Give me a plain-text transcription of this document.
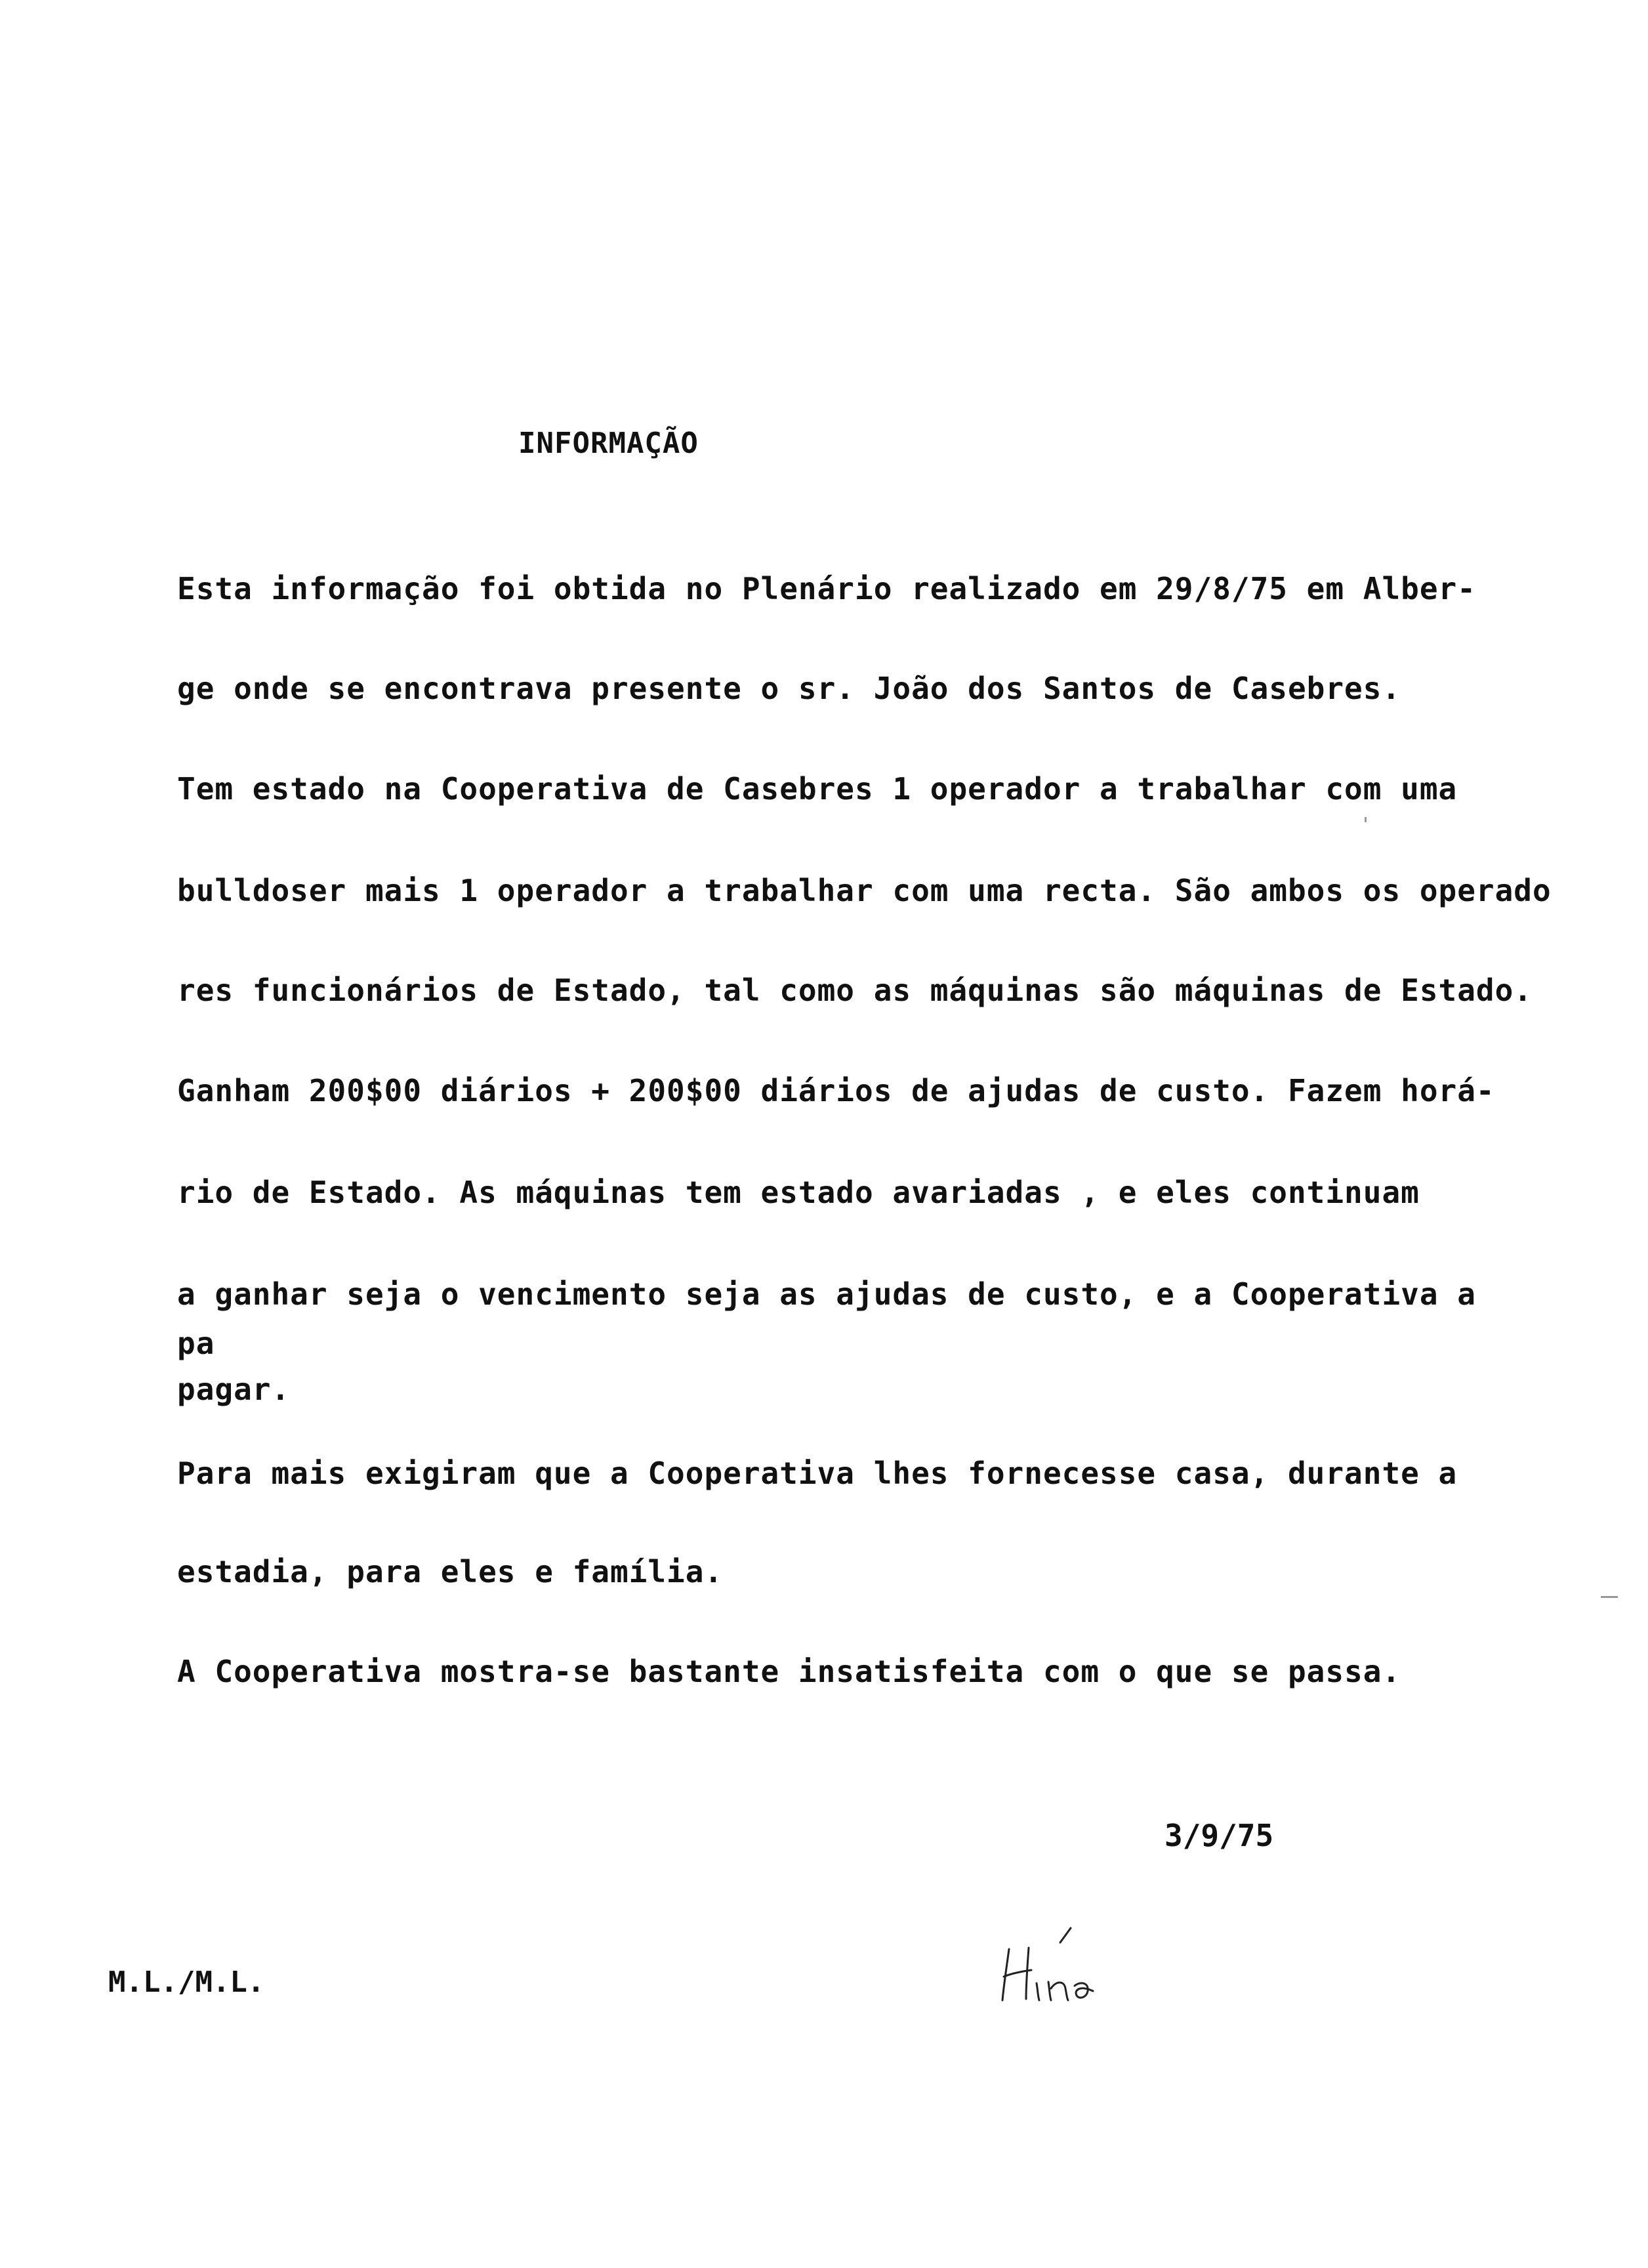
INFORMAÇÃO
Esta informação foi obtida no Plenário realizado em 29/8/75 em Alber-
ge onde se encontrava presente o sr. João dos Santos de Casebres.
Tem estado na Cooperativa de Casebres 1 operador a trabalhar com uma
bulldoser mais 1 operador a trabalhar com uma recta. São ambos os operado
res funcionários de Estado, tal como as máquinas são máquinas de Estado.
Ganham 200$00 diários + 200$00 diários de ajudas de custo. Fazem horá-
rio de Estado. As máquinas tem estado avariadas , e eles continuam
a ganhar seja o vencimento seja as ajudas de custo, e a Cooperativa a
pa
pagar.
Para mais exigiram que a Cooperativa lhes fornecesse casa, durante a
estadia, para eles e família.
A Cooperativa mostra-se bastante insatisfeita com o que se passa.
3/9/75
M.L./M.L.
